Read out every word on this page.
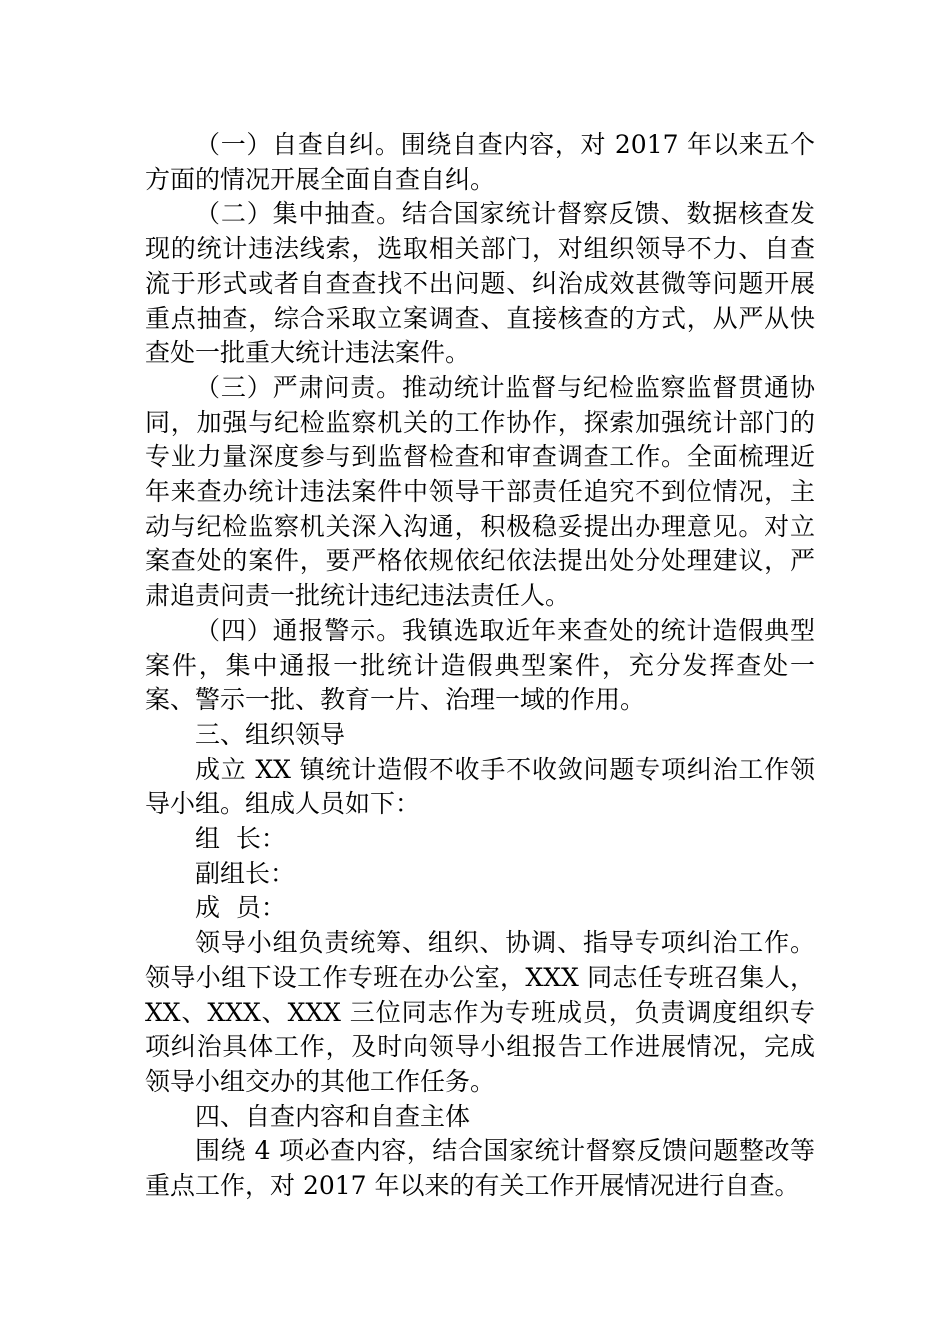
（一）自查自纠。围绕自查内容，对 2017 年以来五个方面的情况开展全面自查自纠。

（二）集中抽查。结合国家统计督察反馈、数据核查发现的统计违法线索，选取相关部门，对组织领导不力、自查流于形式或者自查查找不出问题、纠治成效甚微等问题开展重点抽查，综合采取立案调查、直接核查的方式，从严从快查处一批重大统计违法案件。

（三）严肃问责。推动统计监督与纪检监察监督贯通协同，加强与纪检监察机关的工作协作，探索加强统计部门的专业力量深度参与到监督检查和审查调查工作。全面梳理近年来查办统计违法案件中领导干部责任追究不到位情况，主动与纪检监察机关深入沟通，积极稳妥提出办理意见。对立案查处的案件，要严格依规依纪依法提出处分处理建议，严肃追责问责一批统计违纪违法责任人。

（四）通报警示。我镇选取近年来查处的统计造假典型案件，集中通报一批统计造假典型案件，充分发挥查处一案、警示一批、教育一片、治理一域的作用。

三、组织领导

成立 XX 镇统计造假不收手不收敛问题专项纠治工作领导小组。组成人员如下：

组  长：

副组长：

成  员：

领导小组负责统筹、组织、协调、指导专项纠治工作。领导小组下设工作专班在办公室，XXX 同志任专班召集人，XX、XXX、XXX 三位同志作为专班成员，负责调度组织专项纠治具体工作，及时向领导小组报告工作进展情况，完成领导小组交办的其他工作任务。

四、自查内容和自查主体

围绕 4 项必查内容，结合国家统计督察反馈问题整改等重点工作，对 2017 年以来的有关工作开展情况进行自查。
